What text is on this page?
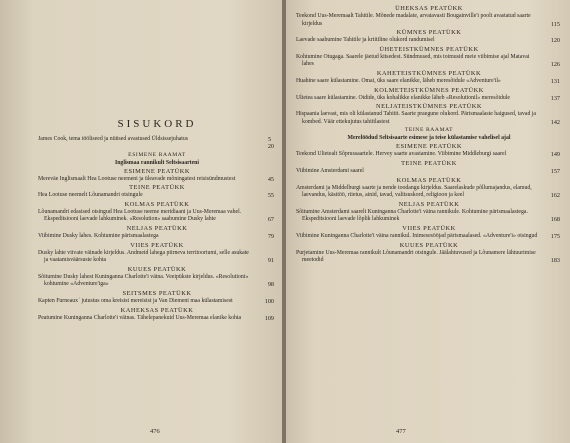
SISUKORD
James Cook, tema tööliseed ja nüüsed avastused Üldsissejuhatus	5
20
ESIMENE RAAMAT
Inglismaa rannikult Seltsisaarteni
ESIMENE PEATÜKK
Mereväe Inglismaalt Hea Lootuse neemeni ja üleavade mõningatest reisisündmustest	45
TEINE PEATÜKK
Hea Lootuse neemelt Lõunamandri otsingule	55
KOLMAS PEATÜKK
Lõunamandri edasised otsingud Hea Lootuse neeme meridiaani ja Uus-Meremaa vahel. Ekspeditsiooni laevade lahkuminek. «Resolution» saabumine Dusky lahte	67
NELJAS PEATÜKK
Viibimine Dusky lahes. Kohtumine pärismaalastega	79
VIIES PEATÜKK
Dusky lahte viivate väinade kirjeldus. Andmeid lahega piirneva territooriumi, selle asukate ja vaatamisväärsuste kohta	91
KUUES PEATÜKK
Sõitumine Dusky lahest Kuninganna Charlotte'i väina. Veeipükste kirjeldus. «Resolutioni» kohtumine «Adventure'iga»	98
SEITSMES PEATÜKK
Kapten Furneauxˈ jutustus oma kreisist mereisist ja Van Diemeni maa külastamisest	100
KAHEKSAS PEATÜKK
Peatumine Kuninganna Charlotte'i väinas. Tähelepanekuid Uus-Meremaa elanike kohta	109
476
ÜHEKSAS PEATÜKK
Teekond Uus-Meremaalt Tahitile. Mõnede madalate, arvatavasti Bougainville'i poolt avastatud saarte kirjeldus	115
KÜMNES PEATÜKK
Laevade saabumine Tahitile ja kriitiline olukord randumisel	120
ÜHETEISTKÜMNES PEATÜKK
Kohtumine Otugaga. Saarele jäetud kitsedest. Sündmused, mis toimusid meie viibimise ajal Matavai lahes	126
KAHETEISTKÜMNES PEATÜKK
Huahine saare külastamine. Omai, üks saare elanikke, läheb meresõidule «Adventure'il»	131
KOLMETEISTKÜMNES PEATÜKK
Ulietea saare külastamine. Oidide, üks kohalikke elanikke läheb «Resolutionil» meresõidule	137
NELJATEISTKÜMNES PEATÜKK
Hispaania laevast, mis oli külastanud Tahitit. Saarte praegune olukord. Pärismaalaste haigused, tavad ja kombed. Väär ettekujutus tahiitlastest	142
TEINE RAAMAT
Merelöödud Seltsisaarte esimese ja teise külastamise vahelisel ajal
ESIMENE PEATÜKK
Teekond Ulietealt Sõprussaartele. Hervey saarte avastamine. Viibimine Middleburgi saarel	149
TEINE PEATÜKK
Viibimine Amsterdami saarel	157
KOLMAS PEATÜKK
Amsterdami ja Middelburgi saarte ja nende toodangu kirjeldus. Saarelaskude põllumajandus, elamud, laevandus, käsitöö, riietus, ainid, tavad, valitsuskord, religioon ja keel	162
NELJAS PEATÜKK
Sõitumine Amsterdami saarelt Kuninganna Charlotte'i väina rannikule. Kohtumine pärismaalastega. Ekspeditsiooni laevade lõplik lahkuminek	168
VIIES PEATÜKK
Viibimine Kuninganna Charlotte'i väina rannikul. Inimesesööjad pärismaalased. «Adventure'i» otsingud 175
KUUES PEATÜKK
Purjetamine Uus-Meremaa rannikult Lõunamandri otsingule. Jäälahtuvused ja Lõunamere lähtuurimise meetodid	183
477
